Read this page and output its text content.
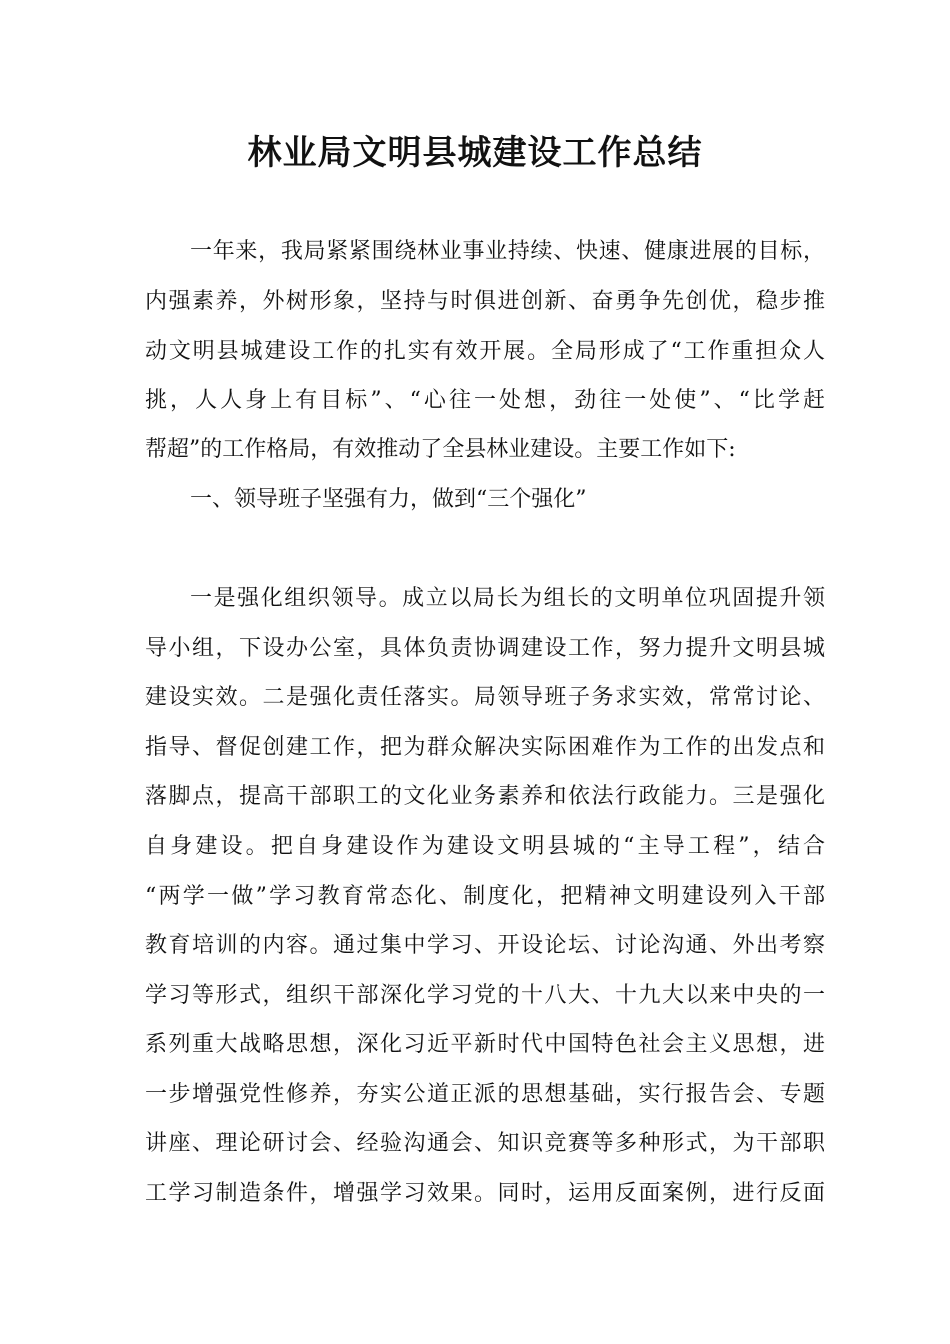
林业局文明县城建设工作总结

一年来，我局紧紧围绕林业事业持续、快速、健康进展的目标，

内强素养，外树形象，坚持与时俱进创新、奋勇争先创优，稳步推

动文明县城建设工作的扎实有效开展。全局形成了“工作重担众人

挑，人人身上有目标”、“心往一处想，劲往一处使”、“比学赶

帮超”的工作格局，有效推动了全县林业建设。主要工作如下:

一、领导班子坚强有力，做到“三个强化”

一是强化组织领导。成立以局长为组长的文明单位巩固提升领

导小组，下设办公室，具体负责协调建设工作，努力提升文明县城

建设实效。二是强化责任落实。局领导班子务求实效，常常讨论、

指导、督促创建工作，把为群众解决实际困难作为工作的出发点和

落脚点，提高干部职工的文化业务素养和依法行政能力。三是强化

自身建设。把自身建设作为建设文明县城的“主导工程”，结合

“两学一做”学习教育常态化、制度化，把精神文明建设列入干部

教育培训的内容。通过集中学习、开设论坛、讨论沟通、外出考察

学习等形式，组织干部深化学习党的十八大、十九大以来中央的一

系列重大战略思想，深化习近平新时代中国特色社会主义思想，进

一步增强党性修养，夯实公道正派的思想基础，实行报告会、专题

讲座、理论研讨会、经验沟通会、知识竞赛等多种形式，为干部职

工学习制造条件，增强学习效果。同时，运用反面案例，进行反面
